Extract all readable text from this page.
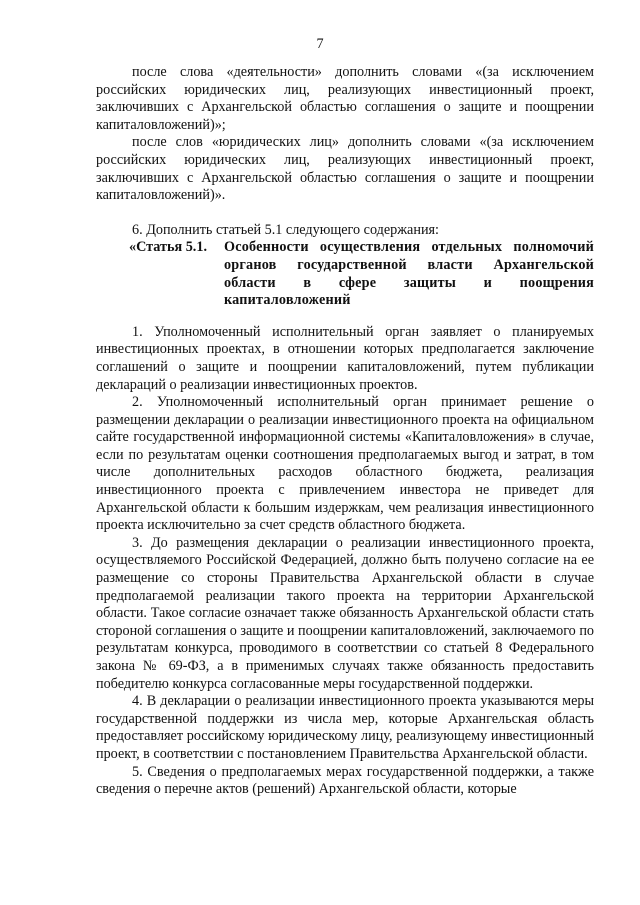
7

после слова «деятельности» дополнить словами «(за исключением российских юридических лиц, реализующих инвестиционный проект, заключивших с Архангельской областью соглашения о защите и поощрении капиталовложений)»;

после слов «юридических лиц» дополнить словами «(за исключением российских юридических лиц, реализующих инвестиционный проект, заключивших с Архангельской областью соглашения о защите и поощрении капиталовложений)».

6. Дополнить статьей 5.1 следующего содержания:

«Статья 5.1.	Особенности осуществления отдельных полномочий органов государственной власти Архангельской области в сфере защиты и поощрения капиталовложений

1. Уполномоченный исполнительный орган заявляет о планируемых инвестиционных проектах, в отношении которых предполагается заключение соглашений о защите и поощрении капиталовложений, путем публикации деклараций о реализации инвестиционных проектов.

2. Уполномоченный исполнительный орган принимает решение о размещении декларации о реализации инвестиционного проекта на официальном сайте государственной информационной системы «Капиталовложения» в случае, если по результатам оценки соотношения предполагаемых выгод и затрат, в том числе дополнительных расходов областного бюджета, реализация инвестиционного проекта с привлечением инвестора не приведет для Архангельской области к большим издержкам, чем реализация инвестиционного проекта исключительно за счет средств областного бюджета.

3. До размещения декларации о реализации инвестиционного проекта, осуществляемого Российской Федерацией, должно быть получено согласие на ее размещение со стороны Правительства Архангельской области в случае предполагаемой реализации такого проекта на территории Архангельской области. Такое согласие означает также обязанность Архангельской области стать стороной соглашения о защите и поощрении капиталовложений, заключаемого по результатам конкурса, проводимого в соответствии со статьей 8 Федерального закона № 69-ФЗ, а в применимых случаях также обязанность предоставить победителю конкурса согласованные меры государственной поддержки.

4. В декларации о реализации инвестиционного проекта указываются меры государственной поддержки из числа мер, которые Архангельская область предоставляет российскому юридическому лицу, реализующему инвестиционный проект, в соответствии с постановлением Правительства Архангельской области.

5. Сведения о предполагаемых мерах государственной поддержки, а также сведения о перечне актов (решений) Архангельской области, которые
